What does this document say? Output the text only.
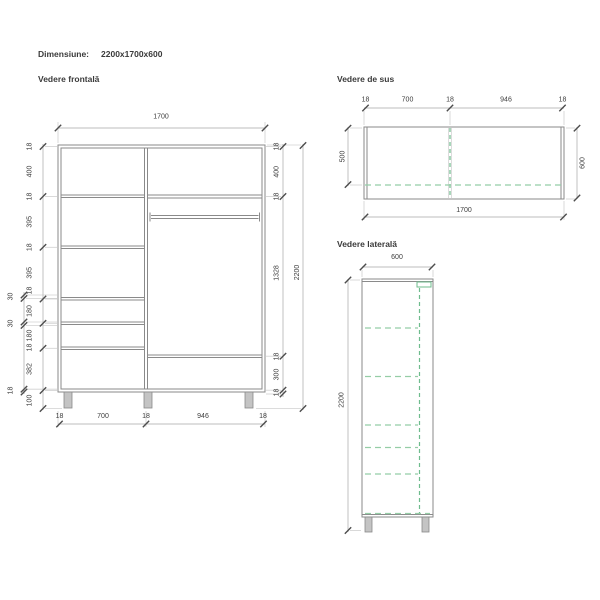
Dimensiune: 2200x1700x600
Vedere frontală	Vedere de sus
Vedere laterală
1700
18
400
18
395
18
395
18
180
180
18
382
100
30
30
18
18
400
18
1328
18
300
18
2200
18	700	18	946	18
18	700	18	946	18
500
600
1700
600
2200
